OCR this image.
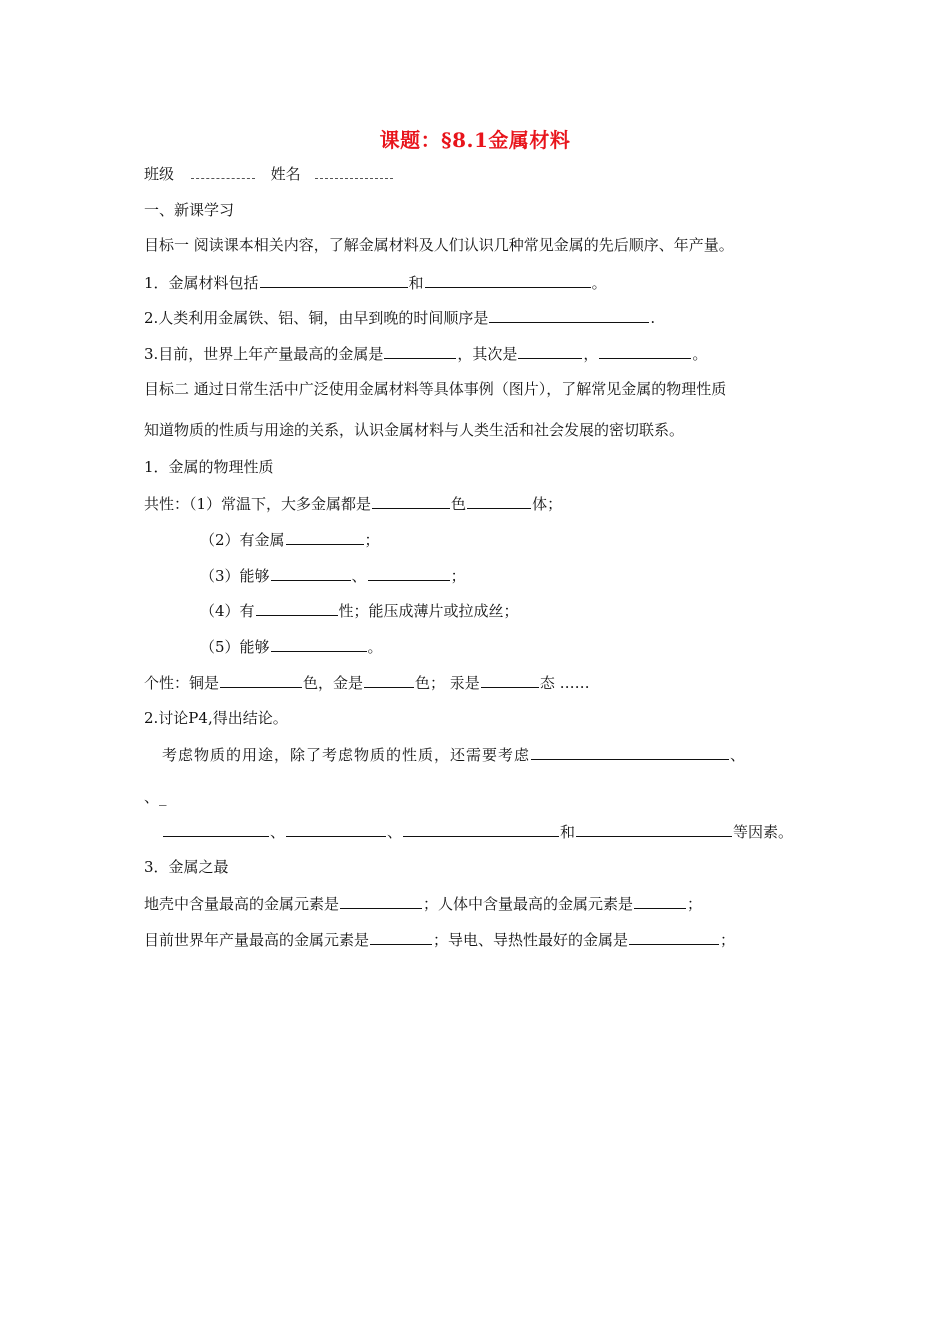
课题：§8.1金属材料
班级	姓名
一、新课学习
目标一 阅读课本相关内容，了解金属材料及人们认识几种常见金属的先后顺序、年产量。
1．金属材料包括	和	。
2.人类利用金属铁、铝、铜，由早到晚的时间顺序是	.
3.目前，世界上年产量最高的金属是	，其次是	，	。
目标二 通过日常生活中广泛使用金属材料等具体事例（图片），了解常见金属的物理性质
知道物质的性质与用途的关系，认识金属材料与人类生活和社会发展的密切联系。
1．金属的物理性质
共性：（1）常温下，大多金属都是	色	体；
（2）有金属	；
（3）能够	、	；
（4）有	性；能压成薄片或拉成丝；
（5）能够	。
个性：铜是	色，金是	色； 汞是	态 ……
2.讨论P4,得出结论。
考虑物质的用途，除了考虑物质的性质，还需要考虑	、
、_
、	、	和	等因素。
3．金属之最
地壳中含量最高的金属元素是	；人体中含量最高的金属元素是	；
目前世界年产量最高的金属元素是	；导电、导热性最好的金属是	；
